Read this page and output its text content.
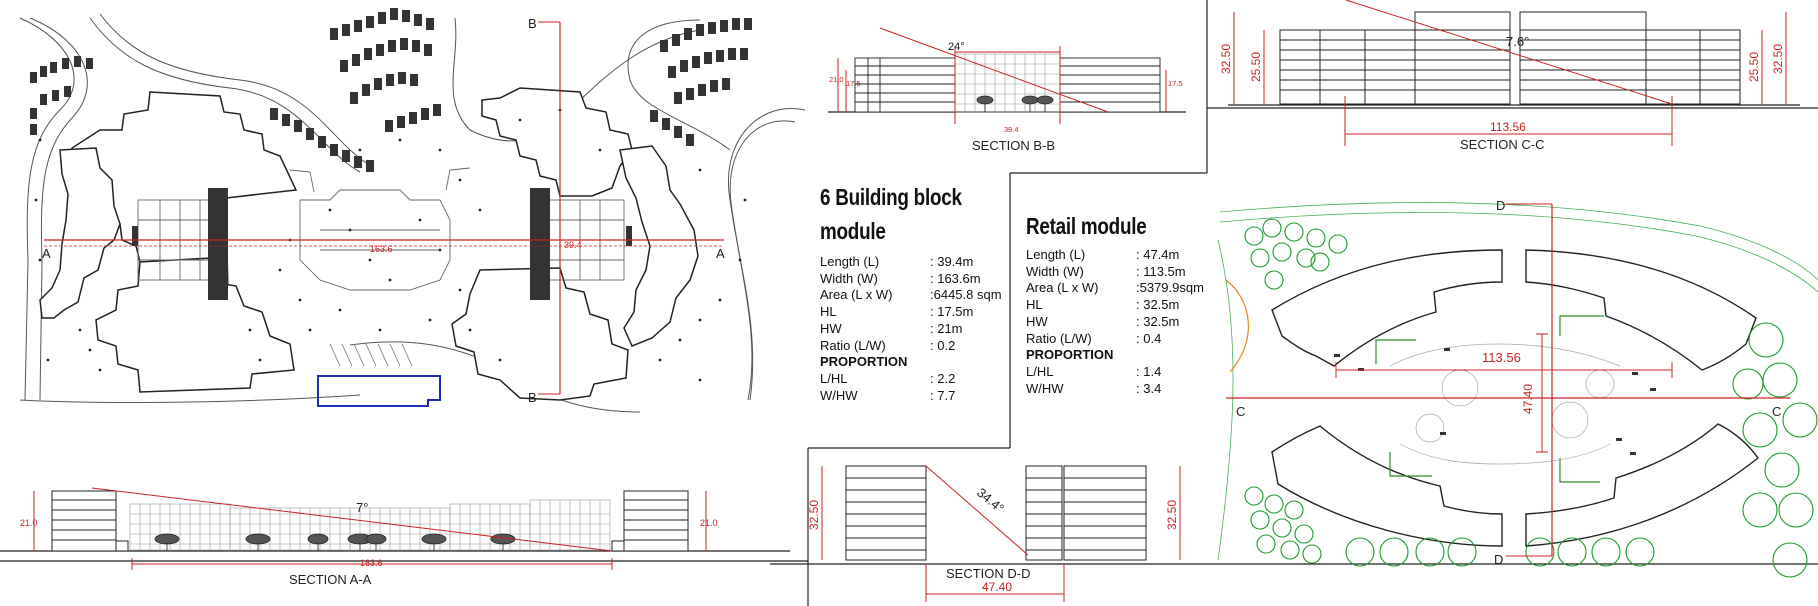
A	A
B
B
163.6	39.4
7°
21.0	21.0
163.6
SECTION A-A
24°
21.0 17.5	17.5
39.4
SECTION B-B
7.6°
32.50 25.50	25.50 32.50
113.56
SECTION C-C
34.4°
32.50	32.50
SECTION D-D
47.40
C	C
D
D
113.56
47.40
6 Building block
module
Length (L)	: 39.4m
Width (W)	: 163.6m
Area (L x W)	:6445.8 sqm
HL	: 17.5m
HW	: 21m
Ratio (L/W)	: 0.2
PROPORTION
L/HL	: 2.2
W/HW	: 7.7
Retail module
Length (L)	: 47.4m
Width (W)	: 113.5m
Area (L x W)	:5379.9sqm
HL	: 32.5m
HW	: 32.5m
Ratio (L/W)	: 0.4
PROPORTION
L/HL	: 1.4
W/HW	: 3.4
